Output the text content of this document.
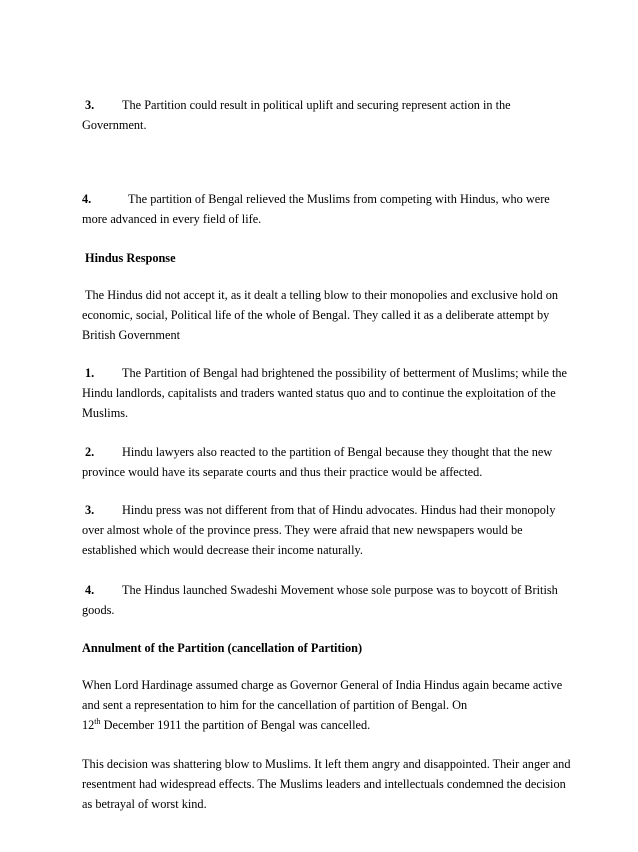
3. The Partition could result in political uplift and securing represent action in the Government.

4.	The partition of Bengal relieved the Muslims from competing with Hindus, who were more advanced in every field of life.

Hindus Response

The Hindus did not accept it, as it dealt a telling blow to their monopolies and exclusive hold on economic, social, Political life of the whole of Bengal. They called it as a deliberate attempt by British Government

1. The Partition of Bengal had brightened the possibility of betterment of Muslims; while the Hindu landlords, capitalists and traders wanted status quo and to continue the exploitation of the Muslims.

2. Hindu lawyers also reacted to the partition of Bengal because they thought that the new province would have its separate courts and thus their practice would be affected.

3. Hindu press was not different from that of Hindu advocates. Hindus had their monopoly over almost whole of the province press. They were afraid that new newspapers would be established which would decrease their income naturally.

4. The Hindus launched Swadeshi Movement whose sole purpose was to boycott of British goods.

Annulment of the Partition (cancellation of Partition)

When Lord Hardinage assumed charge as Governor General of India Hindus again became active and sent a representation to him for the cancellation of partition of Bengal. On
12th December 1911 the partition of Bengal was cancelled.

This decision was shattering blow to Muslims. It left them angry and disappointed. Their anger and resentment had widespread effects. The Muslims leaders and intellectuals condemned the decision as betrayal of worst kind.
